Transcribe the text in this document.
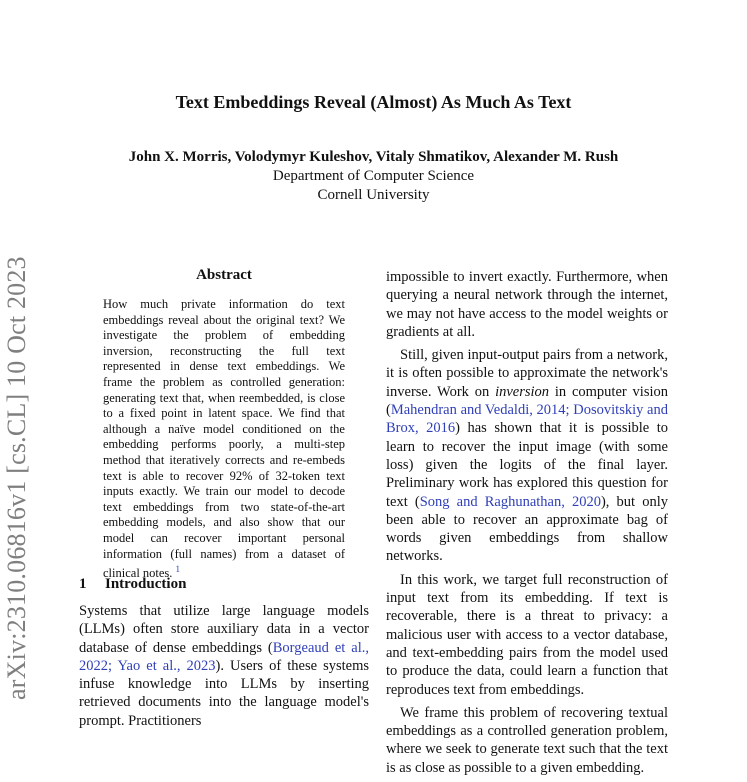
arXiv:2310.06816v1 [cs.CL] 10 Oct 2023
Text Embeddings Reveal (Almost) As Much As Text
John X. Morris, Volodymyr Kuleshov, Vitaly Shmatikov, Alexander M. Rush
Department of Computer Science
Cornell University
Abstract
How much private information do text embeddings reveal about the original text? We investigate the problem of embedding inversion, reconstructing the full text represented in dense text embeddings. We frame the problem as controlled generation: generating text that, when reembedded, is close to a fixed point in latent space. We find that although a naïve model conditioned on the embedding performs poorly, a multi-step method that iteratively corrects and re-embeds text is able to recover 92% of 32-token text inputs exactly. We train our model to decode text embeddings from two state-of-the-art embedding models, and also show that our model can recover important personal information (full names) from a dataset of clinical notes. $^1$
1 Introduction
Systems that utilize large language models (LLMs) often store auxiliary data in a vector database of dense embeddings (Borgeaud et al., 2022; Yao et al., 2023). Users of these systems infuse knowledge into LLMs by inserting retrieved documents into the language model's prompt. Practitioners

impossible to invert exactly. Furthermore, when querying a neural network through the internet, we may not have access to the model weights or gradients at all.

Still, given input-output pairs from a network, it is often possible to approximate the network's inverse. Work on inversion in computer vision (Mahendran and Vedaldi, 2014; Dosovitskiy and Brox, 2016) has shown that it is possible to learn to recover the input image (with some loss) given the logits of the final layer. Preliminary work has explored this question for text (Song and Raghunathan, 2020), but only been able to recover an approximate bag of words given embeddings from shallow networks.

In this work, we target full reconstruction of input text from its embedding. If text is recoverable, there is a threat to privacy: a malicious user with access to a vector database, and text-embedding pairs from the model used to produce the data, could learn a function that reproduces text from embeddings.

We frame this problem of recovering textual embeddings as a controlled generation problem, where we seek to generate text such that the text is as close as possible to a given embedding.
